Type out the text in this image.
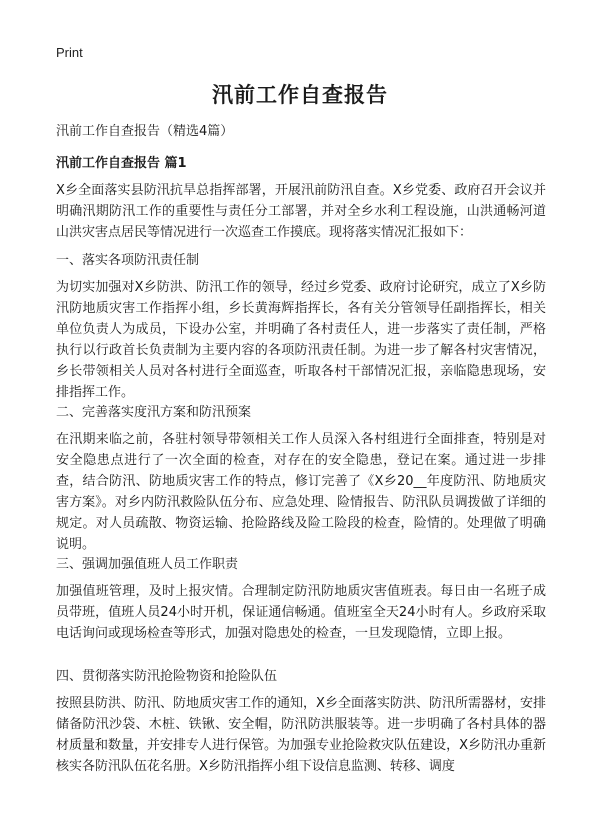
Print
汛前工作自查报告

汛前工作自查报告（精选4篇）

汛前工作自查报告 篇1

X乡全面落实县防汛抗旱总指挥部署，开展汛前防汛自查。X乡党委、政府召开会议并明确汛期防汛工作的重要性与责任分工部署，并对全乡水利工程设施，山洪通畅河道山洪灾害点居民等情况进行一次巡查工作摸底。现将落实情况汇报如下：

一、落实各项防汛责任制

为切实加强对X乡防洪、防汛工作的领导，经过乡党委、政府讨论研究，成立了X乡防汛防地质灾害工作指挥小组，乡长黄海辉指挥长，各有关分管领导任副指挥长，相关单位负责人为成员，下设办公室，并明确了各村责任人，进一步落实了责任制，严格执行以行政首长负责制为主要内容的各项防汛责任制。为进一步了解各村灾害情况，乡长带领相关人员对各村进行全面巡查，听取各村干部情况汇报，亲临隐患现场，安排指挥工作。

二、完善落实度汛方案和防汛预案

在汛期来临之前，各驻村领导带领相关工作人员深入各村组进行全面排查，特别是对安全隐患点进行了一次全面的检查，对存在的安全隐患，登记在案。通过进一步排查，结合防汛、防地质灾害工作的特点，修订完善了《X乡20__年度防汛、防地质灾害方案》。对乡内防汛救险队伍分布、应急处理、险情报告、防汛队员调拨做了详细的规定。对人员疏散、物资运输、抢险路线及险工险段的检查，险情的。处理做了明确说明。

三、强调加强值班人员工作职责

加强值班管理，及时上报灾情。合理制定防汛防地质灾害值班表。每日由一名班子成员带班，值班人员24小时开机，保证通信畅通。值班室全天24小时有人。乡政府采取电话询问或现场检查等形式，加强对隐患处的检查，一旦发现隐情，立即上报。

四、贯彻落实防汛抢险物资和抢险队伍

按照县防洪、防汛、防地质灾害工作的通知，X乡全面落实防洪、防汛所需器材，安排储备防汛沙袋、木桩、铁锹、安全帽，防汛防洪服装等。进一步明确了各村具体的器材质量和数量，并安排专人进行保管。为加强专业抢险救灾队伍建设，X乡防汛办重新核实各防汛队伍花名册。X乡防汛指挥小组下设信息监测、转移、调度
